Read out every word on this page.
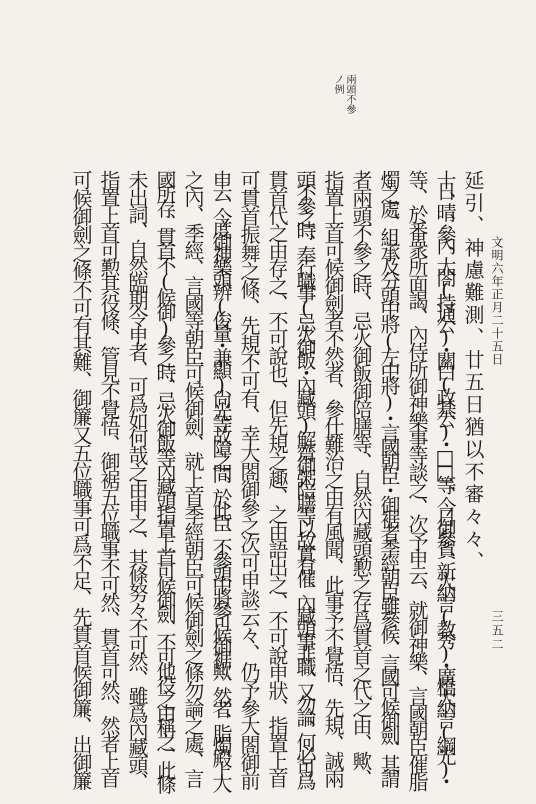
文明六年正月二十五日
三五二
兩頭不參
ノ例
延引、神慮難測、廿五日猶以不審々々、
十日、晴、參內、大閤(持通公)・關白(政基公)・□□等、今日御參賀、新大納言(教秀)・廣橋大納言(綱光)・
等、於番衆所面謁、內侍所御神樂事等談之、次予申云、就御神樂、言國朝臣催脂
燭之處、組承及分頭中將(左中將)・言國朝臣・御裾者季經朝臣雖參候、言國可候御劍、其謂
者兩頭不參之時、忌火御飯御陪膳等、自然內藏頭懃之存爲貫首之代之由、歟、
指置上首可候御劍者不然者、參仕難治之由有風聞、此事予不覺悟、先規、誠兩
頭不參之時、奉行職事(忌火御飯・內藏頭)解齋御粥陪膳等以故實有催、內藏頭事非職、又勿論、何必可爲
貫首代之由存之、不可說也、但先規之趣、之由語出之、不可說申狀、指置上首
可貫首振舞之條、先規不可有、幸大閤御參之次可申談云々、仍予參大閤御前
申云、今度御神樂頭辨(俊量・兼顯)尙光等故障之間、於此臣、不參頭中將參可候御裾歟、然者、脂燭殿上人
之內、季經、言國等朝臣可候御劍、就上首季經朝臣可候御劍之條勿論之處、言
國所存、貫首不(候御)參之時、忌火御飯等內藏頭指置上首可候御劍、不可他役之由稱之、此條
未出詞、自然臨期令申者、可爲如何哉之由申之、其條努々不可然、雖爲內藏頭、
指置上首可懃其役條、管見不覺悟、御裾五位職事不可然、貫首可然、然者上首
可候御劍之條不可有其難、御簾又五位職事可爲不足、先貫首候御簾、出御簾
